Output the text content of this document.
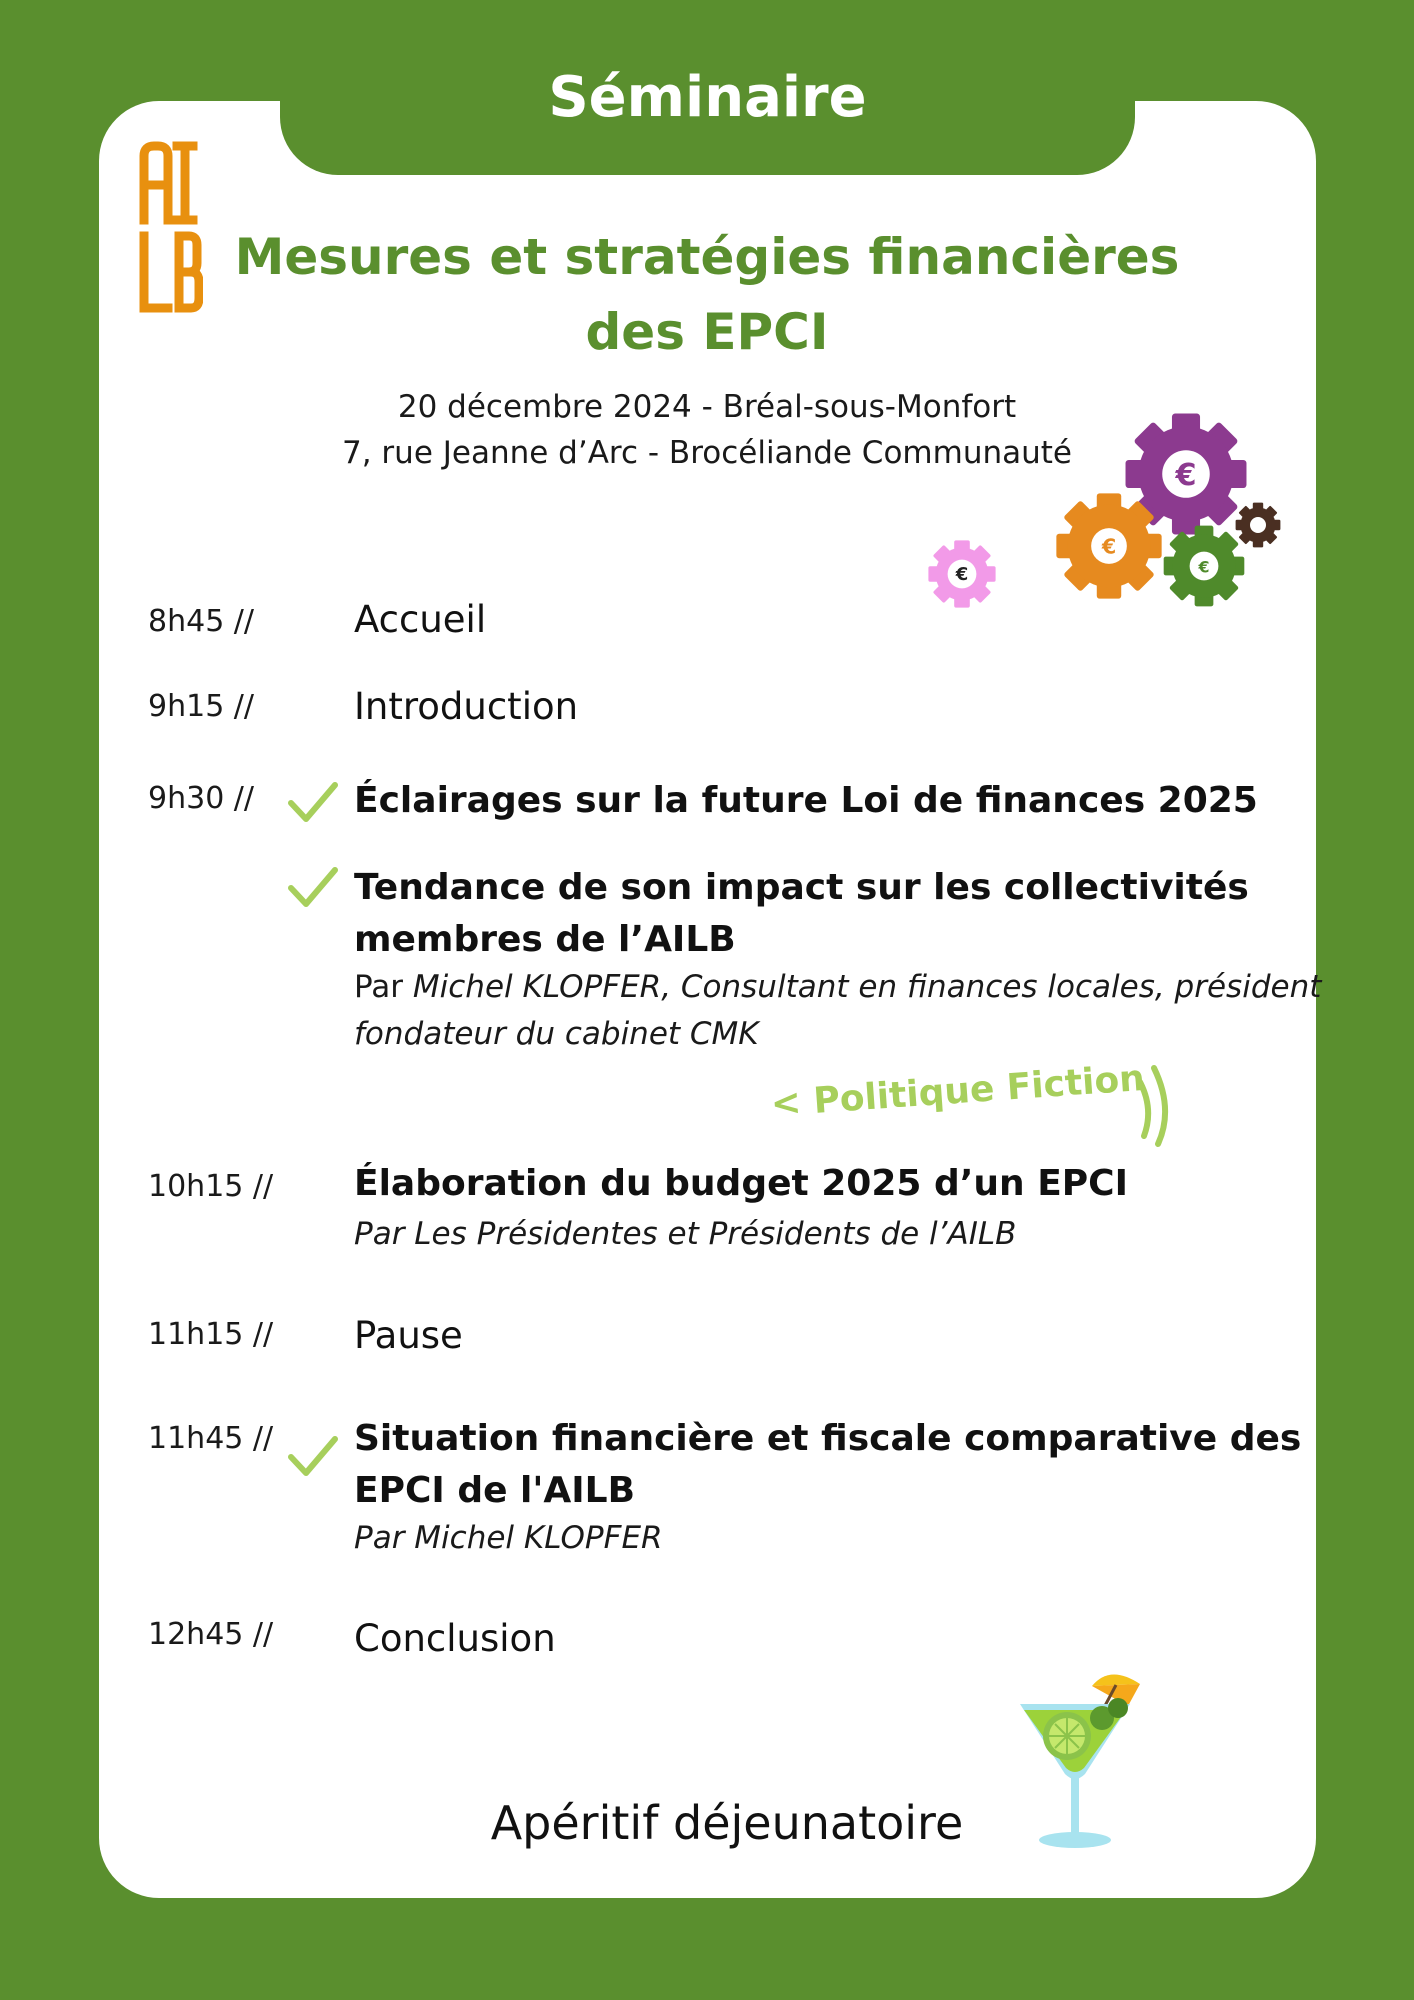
Séminaire
Mesures et stratégies financières
des EPCI
20 décembre 2024 - Bréal-sous-Monfort
7, rue Jeanne d’Arc - Brocéliande Communauté
€
€
€
€
8h45 //	Accueil
9h15 //	Introduction
9h30 //	Éclairages sur la future Loi de finances 2025
Tendance de son impact sur les collectivités
membres de l’AILB
Par Michel KLOPFER, Consultant en finances locales, président
fondateur du cabinet CMK
< Politique Fiction
10h15 // Élaboration du budget 2025 d’un EPCI
Par Les Présidentes et Présidents de l’AILB
11h15 // Pause
11h45 // Situation financière et fiscale comparative des
EPCI de l'AILB
Par Michel KLOPFER
12h45 // Conclusion
Apéritif déjeunatoire
